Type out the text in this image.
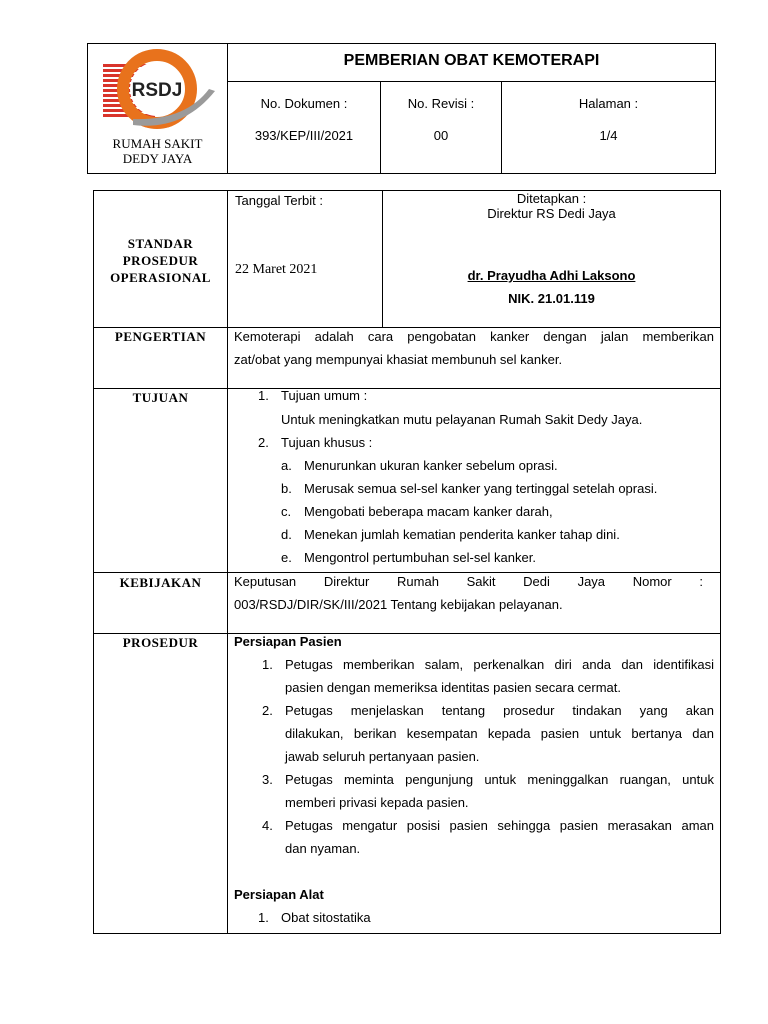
RSDJ
RUMAH SAKIT
DEDY JAYA
PEMBERIAN OBAT KEMOTERAPI
No. Dokumen :
393/KEP/III/2021
No. Revisi :
00
Halaman :
1/4
STANDAR
PROSEDUR
OPERASIONAL
Tanggal Terbit :
22 Maret 2021
Ditetapkan :
Direktur RS Dedi Jaya
dr. Prayudha Adhi Laksono
NIK. 21.01.119
PENGERTIAN	Kemoterapi adalah cara pengobatan kanker dengan jalan memberikan
zat/obat yang mempunyai khasiat membunuh sel kanker.
TUJUAN	1. Tujuan umum :
Untuk meningkatkan mutu pelayanan Rumah Sakit Dedy Jaya.
2. Tujuan khusus :
a. Menurunkan ukuran kanker sebelum oprasi.
b. Merusak semua sel-sel kanker yang tertinggal setelah oprasi.
c. Mengobati beberapa macam kanker darah,
d. Menekan jumlah kematian penderita kanker tahap dini.
e. Mengontrol pertumbuhan sel-sel kanker.
KEBIJAKAN	Keputusan Direktur Rumah Sakit Dedi Jaya Nomor :
003/RSDJ/DIR/SK/III/2021 Tentang kebijakan pelayanan.
PROSEDUR	Persiapan Pasien
1. Petugas memberikan salam, perkenalkan diri anda dan identifikasi
pasien dengan memeriksa identitas pasien secara cermat.
2. Petugas menjelaskan tentang prosedur tindakan yang akan
dilakukan, berikan kesempatan kepada pasien untuk bertanya dan
jawab seluruh pertanyaan pasien.
3. Petugas meminta pengunjung untuk meninggalkan ruangan, untuk
memberi privasi kepada pasien.
4. Petugas mengatur posisi pasien sehingga pasien merasakan aman
dan nyaman.
Persiapan Alat
1. Obat sitostatika
